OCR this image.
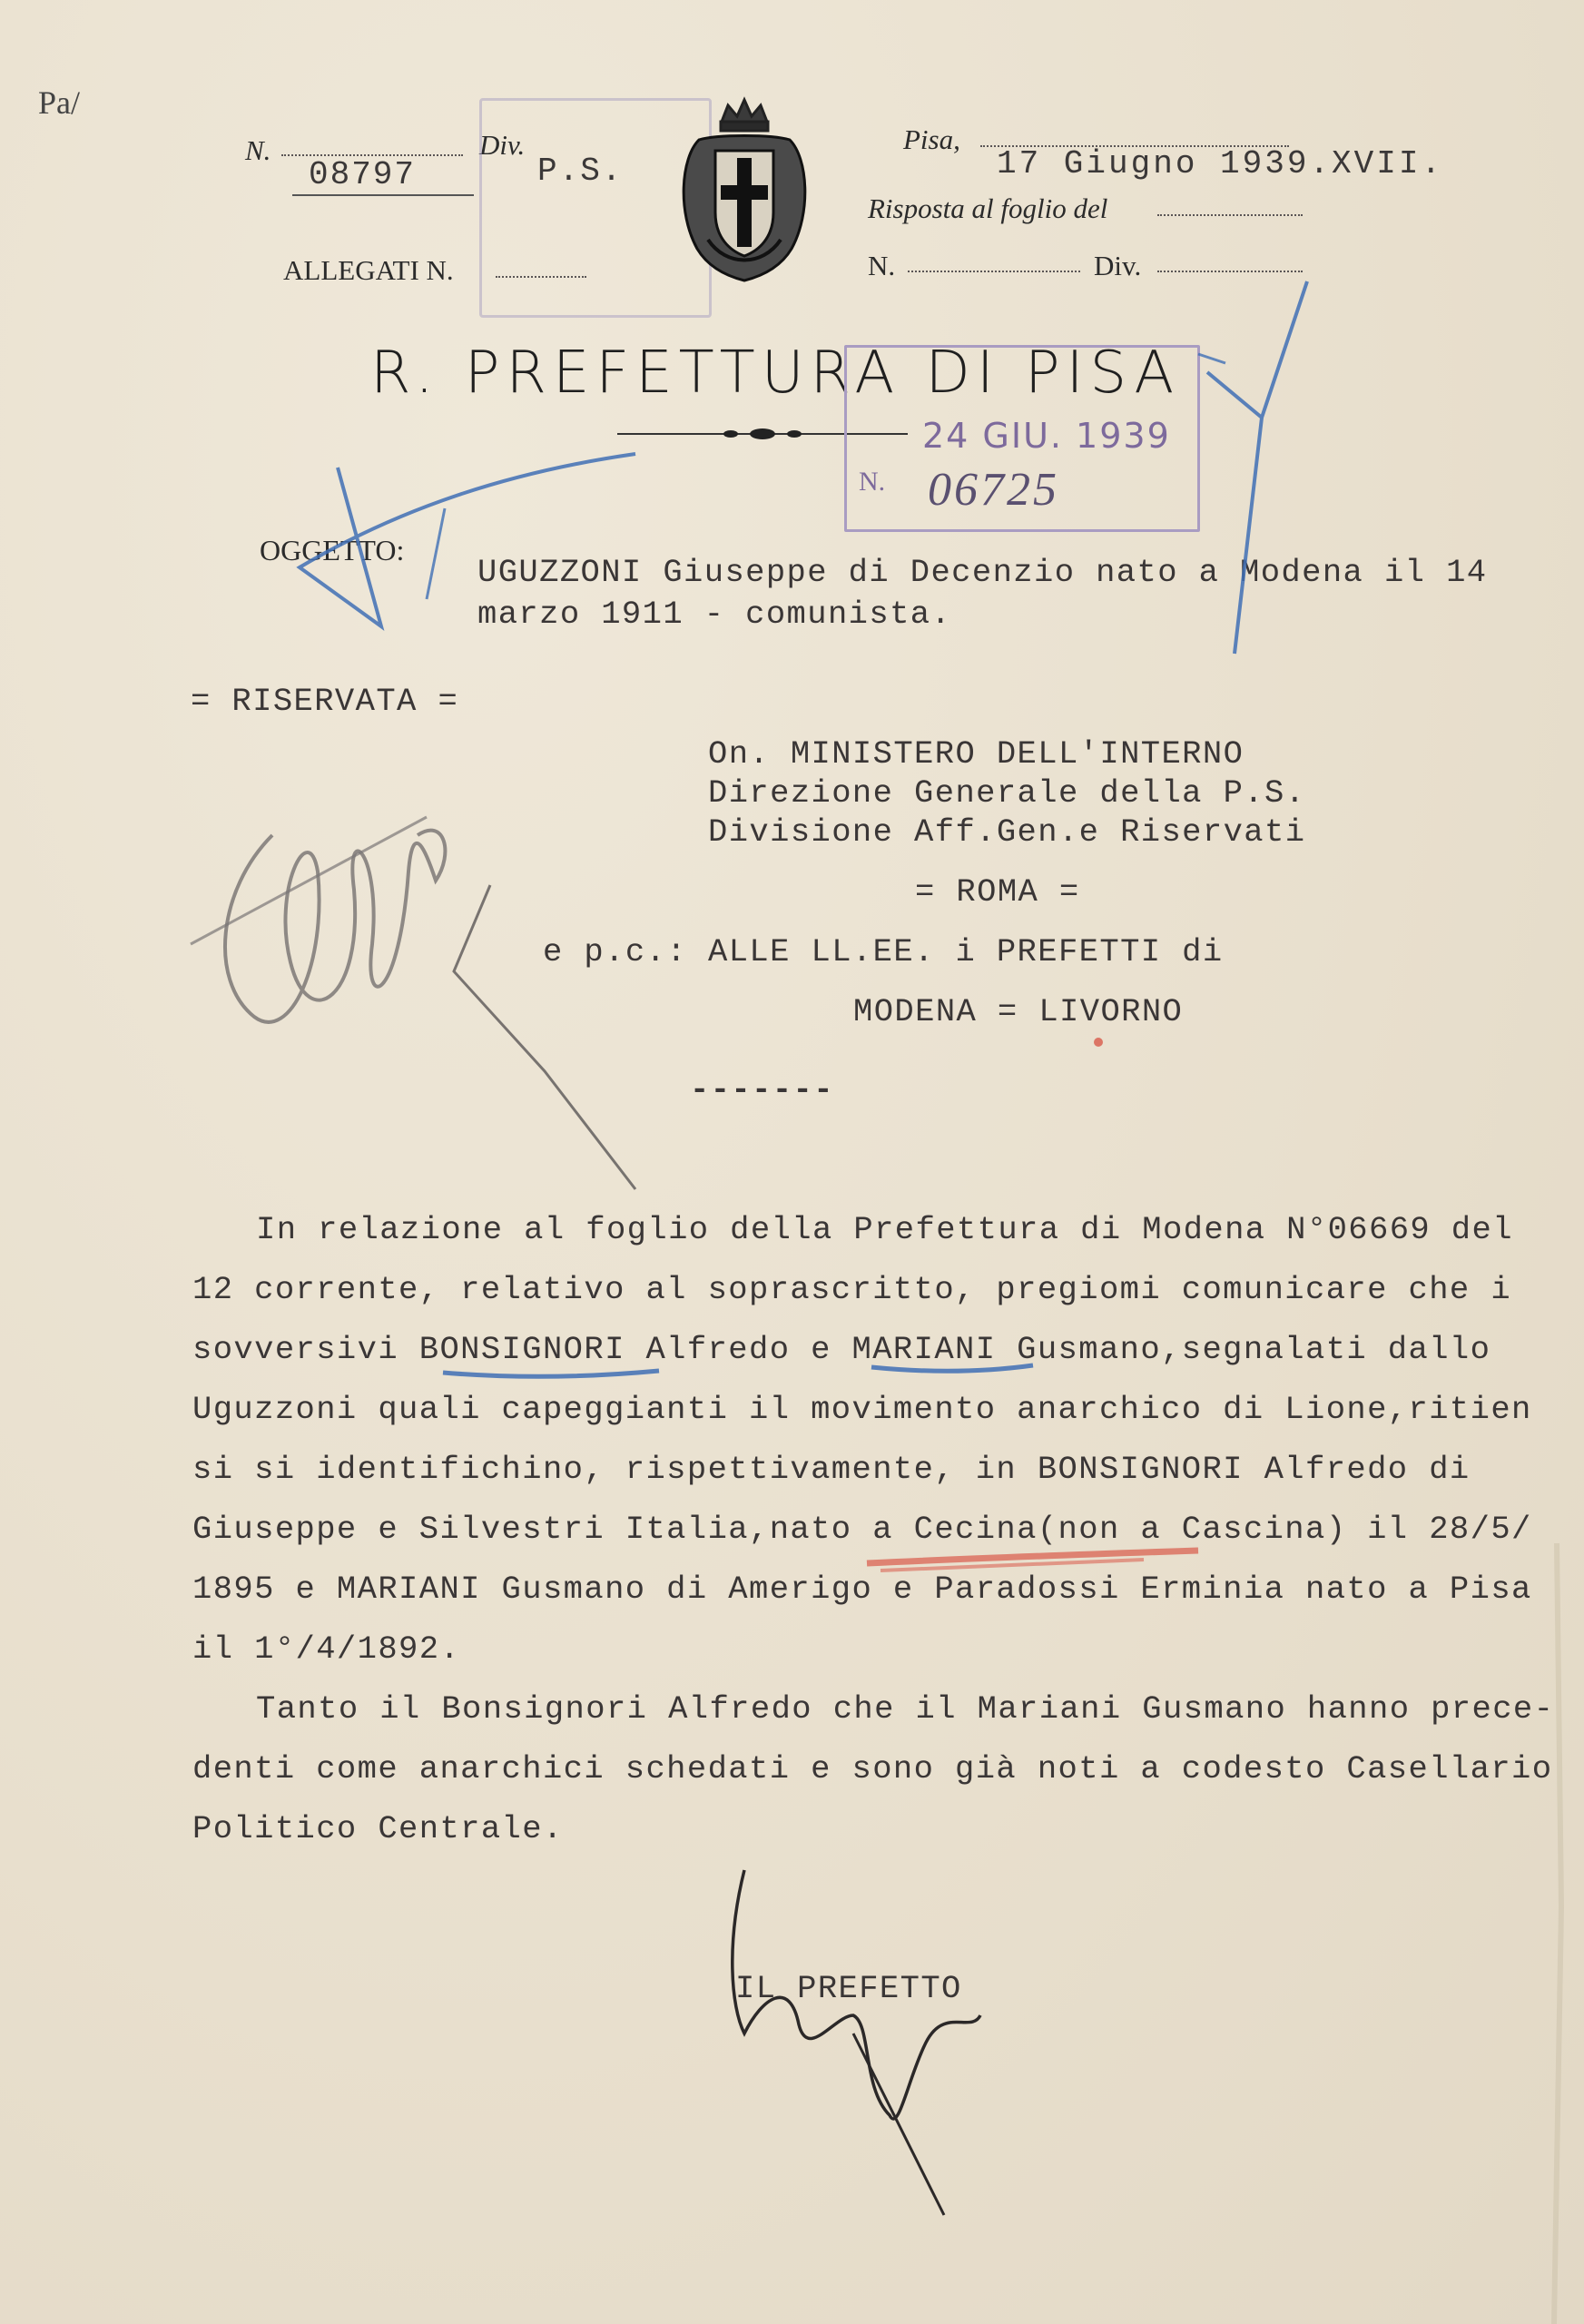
Pa/
N.
08797
Div.
P.S.
ALLEGATI N.
Pisa,
17 Giugno 1939.XVII.
Risposta al foglio del
N.	Div.
R. PREFETTURA DI PISA
24 GIU. 1939
N. 06725
OGGETTO:
UGUZZONI Giuseppe di Decenzio nato a Modena il 14
marzo 1911 - comunista.
= RISERVATA =
On. MINISTERO DELL'INTERNO
Direzione Generale della P.S.
Divisione Aff.Gen.e Riservati
= ROMA =
e p.c.: ALLE LL.EE. i PREFETTI di
MODENA = LIVORNO
-------
In relazione al foglio della Prefettura di Modena N°06669 del
12 corrente, relativo al soprascritto, pregiomi comunicare che i
sovversivi BONSIGNORI Alfredo e MARIANI Gusmano,segnalati dallo
Uguzzoni quali capeggianti il movimento anarchico di Lione,ritien
si si identifichino, rispettivamente, in BONSIGNORI Alfredo di
Giuseppe e Silvestri Italia,nato a Cecina(non a Cascina) il 28/5/
1895 e MARIANI Gusmano di Amerigo e Paradossi Erminia nato a Pisa
il 1°/4/1892.
Tanto il Bonsignori Alfredo che il Mariani Gusmano hanno prece-
denti come anarchici schedati e sono già noti a codesto Casellario
Politico Centrale.
IL PREFETTO
